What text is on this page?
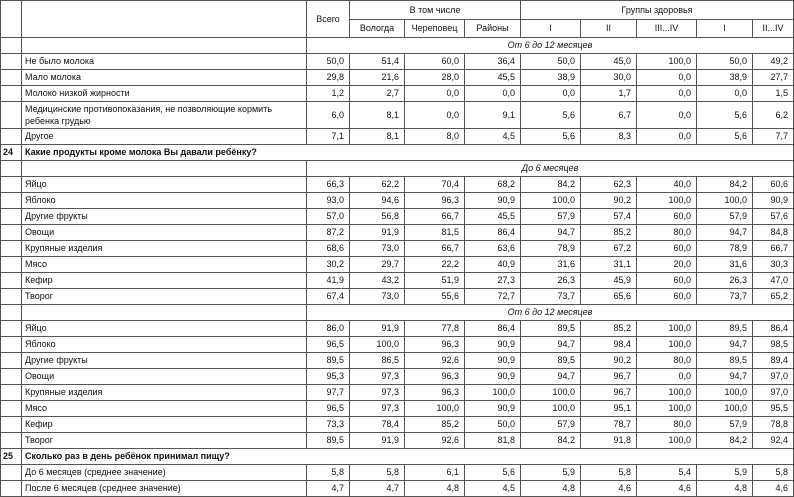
		Всего	В том числе			Группы здоровья				
			Вологда	Череповец	Районы	I	II	III...IV	I	II...IV
		От 6 до 12 месяцев								
	Не было молока	50,0	51,4	60,0	36,4	50,0	45,0	100,0	50,0	49,2
	Мало молока	29,8	21,6	28,0	45,5	38,9	30,0	0,0	38,9	27,7
	Молоко низкой жирности	1,2	2,7	0,0	0,0	0,0	1,7	0,0	0,0	1,5
	Медицинские противопоказания, не позволяющие кормить ребенка грудью	6,0	8,1	0,0	9,1	5,6	6,7	0,0	5,6	6,2
	Другое	7,1	8,1	8,0	4,5	5,6	8,3	0,0	5,6	7,7
24	Какие продукты кроме молока Вы давали ребёнку?									
		До 6 месяцев								
	Яйцо	66,3	62,2	70,4	68,2	84,2	62,3	40,0	84,2	60,6
	Яблоко	93,0	94,6	96,3	90,9	100,0	90,2	100,0	100,0	90,9
	Другие фрукты	57,0	56,8	66,7	45,5	57,9	57,4	60,0	57,9	57,6
	Овощи	87,2	91,9	81,5	86,4	94,7	85,2	80,0	94,7	84,8
	Крупяные изделия	68,6	73,0	66,7	63,6	78,9	67,2	60,0	78,9	66,7
	Мясо	30,2	29,7	22,2	40,9	31,6	31,1	20,0	31,6	30,3
	Кефир	41,9	43,2	51,9	27,3	26,3	45,9	60,0	26,3	47,0
	Творог	67,4	73,0	55,6	72,7	73,7	65,6	60,0	73,7	65,2
		От 6 до 12 месяцев								
	Яйцо	86,0	91,9	77,8	86,4	89,5	85,2	100,0	89,5	86,4
	Яблоко	96,5	100,0	96,3	90,9	94,7	98,4	100,0	94,7	98,5
	Другие фрукты	89,5	86,5	92,6	90,9	89,5	90,2	80,0	89,5	89,4
	Овощи	95,3	97,3	96,3	90,9	94,7	96,7	0,0	94,7	97,0
	Крупяные изделия	97,7	97,3	96,3	100,0	100,0	96,7	100,0	100,0	97,0
	Мясо	96,5	97,3	100,0	90,9	100,0	95,1	100,0	100,0	95,5
	Кефир	73,3	78,4	85,2	50,0	57,9	78,7	80,0	57,9	78,8
	Творог	89,5	91,9	92,6	81,8	84,2	91,8	100,0	84,2	92,4
25	Сколько раз в день ребёнок принимал пищу?									
	До 6 месяцев (среднее значение)	5,8	5,8	6,1	5,6	5,9	5,8	5,4	5,9	5,8
	После 6 месяцев (среднее значение)	4,7	4,7	4,8	4,5	4,8	4,6	4,6	4,8	4,6
